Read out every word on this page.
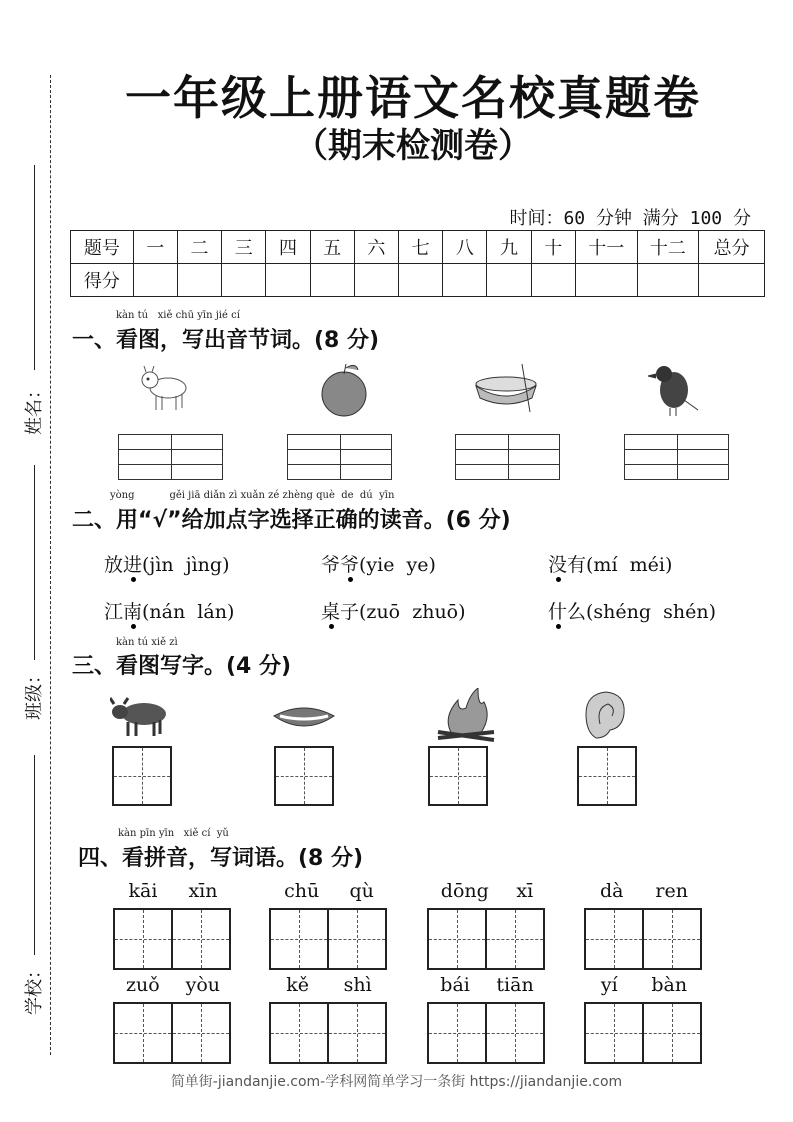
姓名：
班级：
学校：
一年级上册语文名校真题卷
（期末检测卷）
时间：60 分钟 满分 100 分
题号	一	二	三	四	五	六	七	八	九	十	十一	十二	总分
得分													
kàn tú   xiě chū yīn jié cí
一、看图，写出音节词。(8 分)
yòng           gěi jiā diǎn zì xuǎn zé zhèng què  de  dú  yīn
二、用“√”给加点字选择正确的读音。(6 分)
放进(jìn  jìng)	爷爷(yie  ye)	没有(mí  méi)
江南(nán  lán)	桌子(zuō  zhuō)	什么(shéng  shén)
kàn tú xiě zì
三、看图写字。(4 分)
kàn pīn yīn   xiě cí  yǔ
四、看拼音，写词语。(8 分)
kāi xīn	chū qù	dōng xī	dà ren
zuǒ yòu	kě shì	bái tiān	yí bàn
简单街-jiandanjie.com-学科网简单学习一条街 https://jiandanjie.com
